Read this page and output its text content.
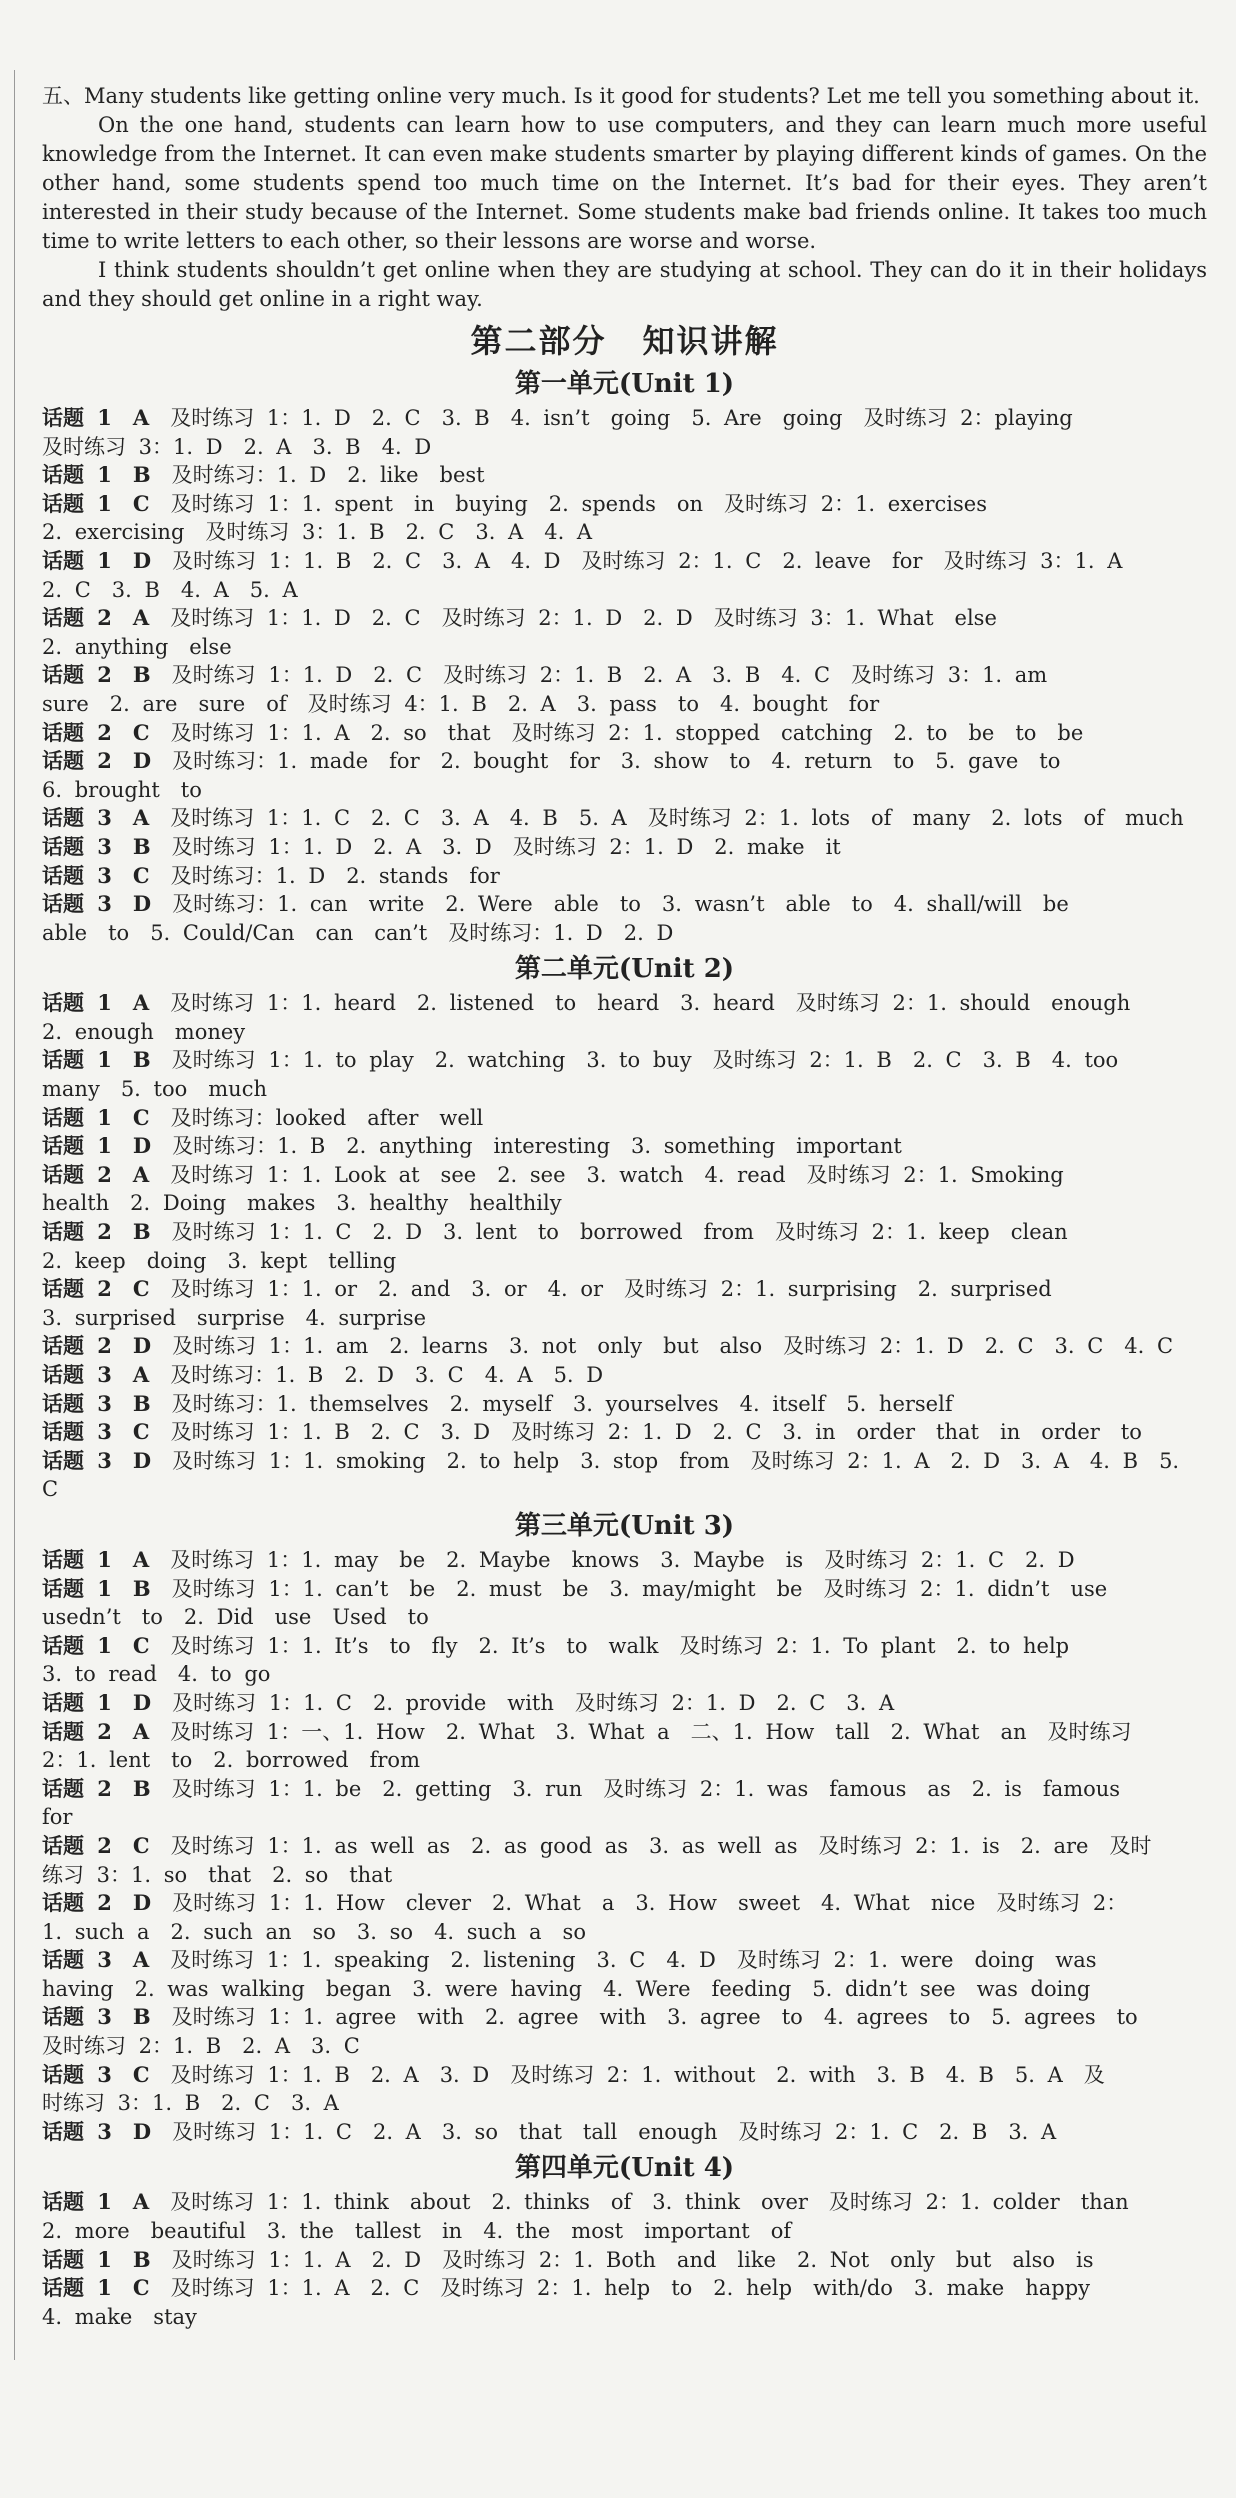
五、Many students like getting online very much. Is it good for students? Let me tell you something about it.

On the one hand, students can learn how to use computers, and they can learn much more useful knowledge from the Internet. It can even make students smarter by playing different kinds of games. On the other hand, some students spend too much time on the Internet. It’s bad for their eyes. They aren’t interested in their study because of the Internet. Some students make bad friends online. It takes too much time to write letters to each other, so their lessons are worse and worse.

I think students shouldn’t get online when they are studying at school. They can do it in their holidays and they should get online in a right way.

第二部分 知识讲解
第一单元(Unit 1)

话题 1　A　及时练习 1：1. D　2. C　3. B　4. isn’t　going　5. Are　going　及时练习 2：playing

及时练习 3：1. D　2. A　3. B　4. D

话题 1　B　及时练习：1. D　2. like　best

话题 1　C　及时练习 1：1. spent　in　buying　2. spends　on　及时练习 2：1. exercises

2. exercising　及时练习 3：1. B　2. C　3. A　4. A

话题 1　D　及时练习 1：1. B　2. C　3. A　4. D　及时练习 2：1. C　2. leave　for　及时练习 3：1. A

2. C　3. B　4. A　5. A

话题 2　A　及时练习 1：1. D　2. C　及时练习 2：1. D　2. D　及时练习 3：1. What　else

2. anything　else

话题 2　B　及时练习 1：1. D　2. C　及时练习 2：1. B　2. A　3. B　4. C　及时练习 3：1. am

sure　2. are　sure　of　及时练习 4：1. B　2. A　3. pass　to　4. bought　for

话题 2　C　及时练习 1：1. A　2. so　that　及时练习 2：1. stopped　catching　2. to　be　to　be

话题 2　D　及时练习：1. made　for　2. bought　for　3. show　to　4. return　to　5. gave　to

6. brought　to

话题 3　A　及时练习 1：1. C　2. C　3. A　4. B　5. A　及时练习 2：1. lots　of　many　2. lots　of　much

话题 3　B　及时练习 1：1. D　2. A　3. D　及时练习 2：1. D　2. make　it

话题 3　C　及时练习：1. D　2. stands　for

话题 3　D　及时练习：1. can　write　2. Were　able　to　3. wasn’t　able　to　4. shall/will　be

able　to　5. Could/Can　can　can’t　及时练习：1. D　2. D

第二单元(Unit 2)

话题 1　A　及时练习 1：1. heard　2. listened　to　heard　3. heard　及时练习 2：1. should　enough

2. enough　money

话题 1　B　及时练习 1：1. to play　2. watching　3. to buy　及时练习 2：1. B　2. C　3. B　4. too

many　5. too　much

话题 1　C　及时练习：looked　after　well

话题 1　D　及时练习：1. B　2. anything　interesting　3. something　important

话题 2　A　及时练习 1：1. Look at　see　2. see　3. watch　4. read　及时练习 2：1. Smoking

health　2. Doing　makes　3. healthy　healthily

话题 2　B　及时练习 1：1. C　2. D　3. lent　to　borrowed　from　及时练习 2：1. keep　clean

2. keep　doing　3. kept　telling

话题 2　C　及时练习 1：1. or　2. and　3. or　4. or　及时练习 2：1. surprising　2. surprised

3. surprised　surprise　4. surprise

话题 2　D　及时练习 1：1. am　2. learns　3. not　only　but　also　及时练习 2：1. D　2. C　3. C　4. C

话题 3　A　及时练习：1. B　2. D　3. C　4. A　5. D

话题 3　B　及时练习：1. themselves　2. myself　3. yourselves　4. itself　5. herself

话题 3　C　及时练习 1：1. B　2. C　3. D　及时练习 2：1. D　2. C　3. in　order　that　in　order　to

话题 3　D　及时练习 1：1. smoking　2. to help　3. stop　from　及时练习 2：1. A　2. D　3. A　4. B　5. C

第三单元(Unit 3)

话题 1　A　及时练习 1：1. may　be　2. Maybe　knows　3. Maybe　is　及时练习 2：1. C　2. D

话题 1　B　及时练习 1：1. can’t　be　2. must　be　3. may/might　be　及时练习 2：1. didn’t　use

usedn’t　to　2. Did　use　Used　to

话题 1　C　及时练习 1：1. It’s　to　fly　2. It’s　to　walk　及时练习 2：1. To plant　2. to help

3. to read　4. to go

话题 1　D　及时练习 1：1. C　2. provide　with　及时练习 2：1. D　2. C　3. A

话题 2　A　及时练习 1：一、1. How　2. What　3. What a　二、1. How　tall　2. What　an　及时练习

2：1. lent　to　2. borrowed　from

话题 2　B　及时练习 1：1. be　2. getting　3. run　及时练习 2：1. was　famous　as　2. is　famous

for

话题 2　C　及时练习 1：1. as well as　2. as good as　3. as well as　及时练习 2：1. is　2. are　及时

练习 3：1. so　that　2. so　that

话题 2　D　及时练习 1：1. How　clever　2. What　a　3. How　sweet　4. What　nice　及时练习 2：

1. such a　2. such an　so　3. so　4. such a　so

话题 3　A　及时练习 1：1. speaking　2. listening　3. C　4. D　及时练习 2：1. were　doing　was

having　2. was walking　began　3. were having　4. Were　feeding　5. didn’t see　was doing

话题 3　B　及时练习 1：1. agree　with　2. agree　with　3. agree　to　4. agrees　to　5. agrees　to

及时练习 2：1. B　2. A　3. C

话题 3　C　及时练习 1：1. B　2. A　3. D　及时练习 2：1. without　2. with　3. B　4. B　5. A　及

时练习 3：1. B　2. C　3. A

话题 3　D　及时练习 1：1. C　2. A　3. so　that　tall　enough　及时练习 2：1. C　2. B　3. A

第四单元(Unit 4)

话题 1　A　及时练习 1：1. think　about　2. thinks　of　3. think　over　及时练习 2：1. colder　than

2. more　beautiful　3. the　tallest　in　4. the　most　important　of

话题 1　B　及时练习 1：1. A　2. D　及时练习 2：1. Both　and　like　2. Not　only　but　also　is

话题 1　C　及时练习 1：1. A　2. C　及时练习 2：1. help　to　2. help　with/do　3. make　happy

4. make　stay
